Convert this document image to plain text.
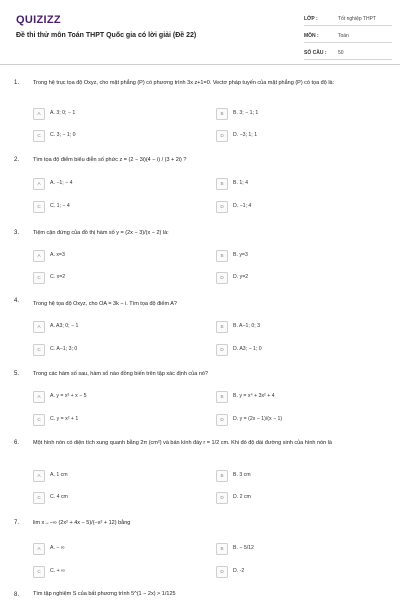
QUIZIZZ
Đề thi thử môn Toán THPT Quốc gia có lời giải (Đề 22)
LỚP :	Tốt nghiệp THPT
MÔN :	Toán
SỐ CÂU : 50
1.	Trong hệ trục tọa độ Oxyz, cho mặt phẳng (P) có phương trình 3x z+1=0. Vectơ pháp tuyến của mặt phẳng (P) có tọa độ là:
A	A. 3; 0; − 1	B	B. 3; − 1; 1
C	C. 3; − 1; 0	D	D. −3; 1; 1
2.	Tìm tọa độ điểm biểu diễn số phức z = (2 − 3i)(4 − i) / (3 + 2i) ?
A	A. −1; − 4	B	B. 1; 4
C	C. 1; − 4	D	D. −1; 4
3.	Tiệm cận đứng của đồ thị hàm số y = (2x − 3)/(x − 2) là:
A	A. x=3	B	B. y=3
C	C. x=2	D	D. y=2
4.	Trong hệ tọa độ Oxyz, cho OA = 3k − i. Tìm tọa độ điểm A?
A	A. A3; 0; − 1	B	B. A−1; 0; 3
C	C. A−1; 3; 0	D	D. A3; − 1; 0
5.	Trong các hàm số sau, hàm số nào đồng biến trên tập xác định của nó?
A	A. y = x³ + x − 5	B	B. y = x⁴ + 3x² + 4
C	C. y = x² + 1	D	D. y = (2x − 1)/(x − 1)
6.	Một hình nón có diện tích xung quanh bằng 2π (cm²) và bán kính đáy r = 1/2 cm. Khi đó độ dài đường sinh của hình nón là
A	A. 1 cm	B	B. 3 cm
C	C. 4 cm	D	D. 2 cm
7.	lim x→−∞ (2x² + 4x − 5)/(−x² + 12) bằng
A	A. − ∞	B	B. − 5/12
C	C. + ∞	D	D. -2
8.	Tìm tập nghiệm S của bất phương trình 5^(1 − 2x) > 1/125
